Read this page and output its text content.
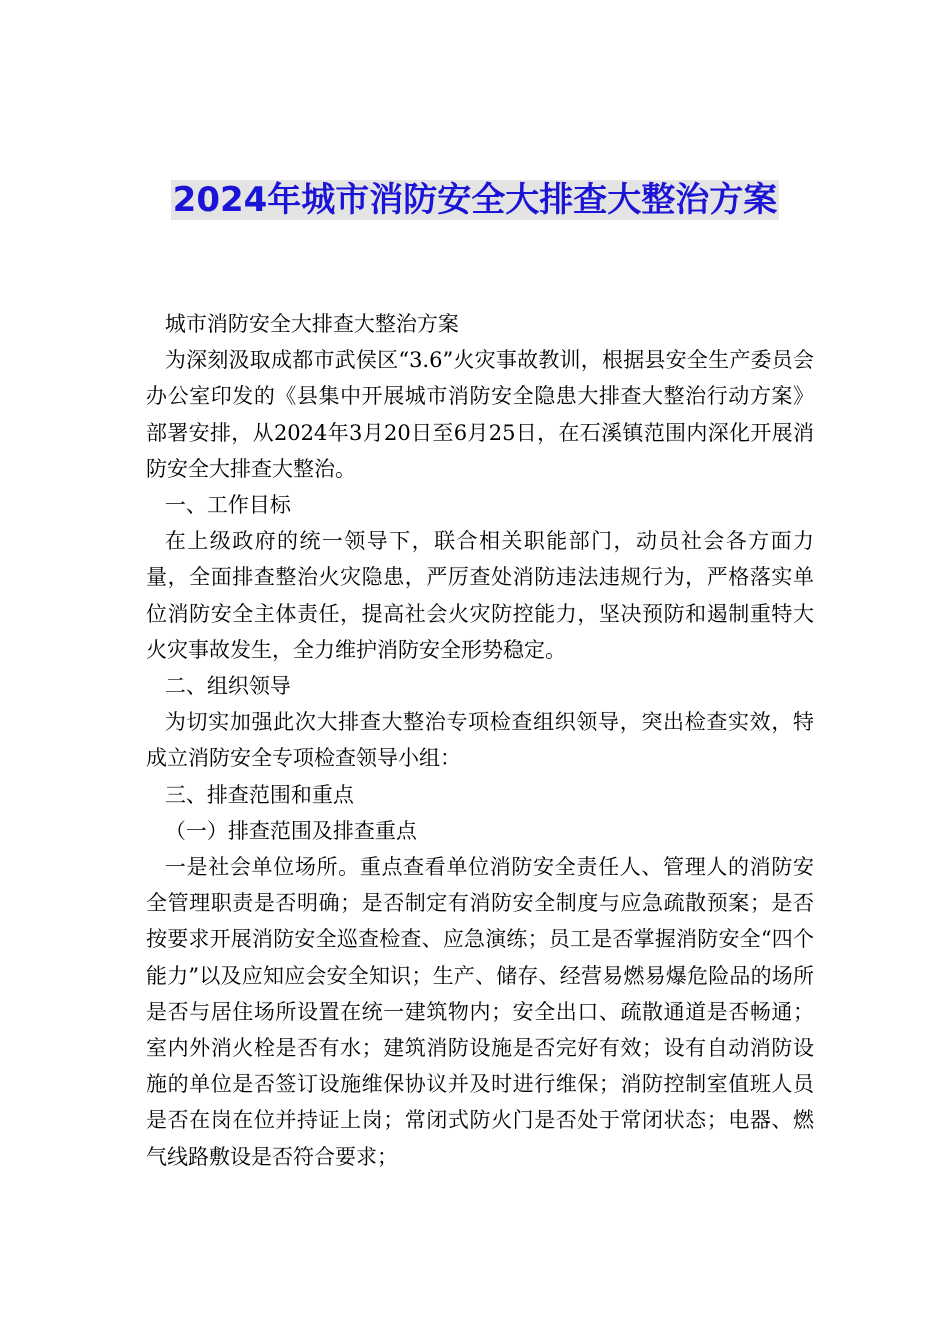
2024年城市消防安全大排查大整治方案

城市消防安全大排查大整治方案

为深刻汲取成都市武侯区“3.6”火灾事故教训，根据县安全生产委员会办公室印发的《县集中开展城市消防安全隐患大排查大整治行动方案》部署安排，从2024年3月20日至6月25日，在石溪镇范围内深化开展消防安全大排查大整治。

一、工作目标

在上级政府的统一领导下，联合相关职能部门，动员社会各方面力量，全面排查整治火灾隐患，严厉查处消防违法违规行为，严格落实单位消防安全主体责任，提高社会火灾防控能力，坚决预防和遏制重特大火灾事故发生，全力维护消防安全形势稳定。

二、组织领导

为切实加强此次大排查大整治专项检查组织领导，突出检查实效，特成立消防安全专项检查领导小组：

三、排查范围和重点

（一）排查范围及排查重点

一是社会单位场所。重点查看单位消防安全责任人、管理人的消防安全管理职责是否明确；是否制定有消防安全制度与应急疏散预案；是否按要求开展消防安全巡查检查、应急演练；员工是否掌握消防安全“四个能力”以及应知应会安全知识；生产、储存、经营易燃易爆危险品的场所是否与居住场所设置在统一建筑物内；安全出口、疏散通道是否畅通；室内外消火栓是否有水；建筑消防设施是否完好有效；设有自动消防设施的单位是否签订设施维保协议并及时进行维保；消防控制室值班人员是否在岗在位并持证上岗；常闭式防火门是否处于常闭状态；电器、燃气线路敷设是否符合要求；
